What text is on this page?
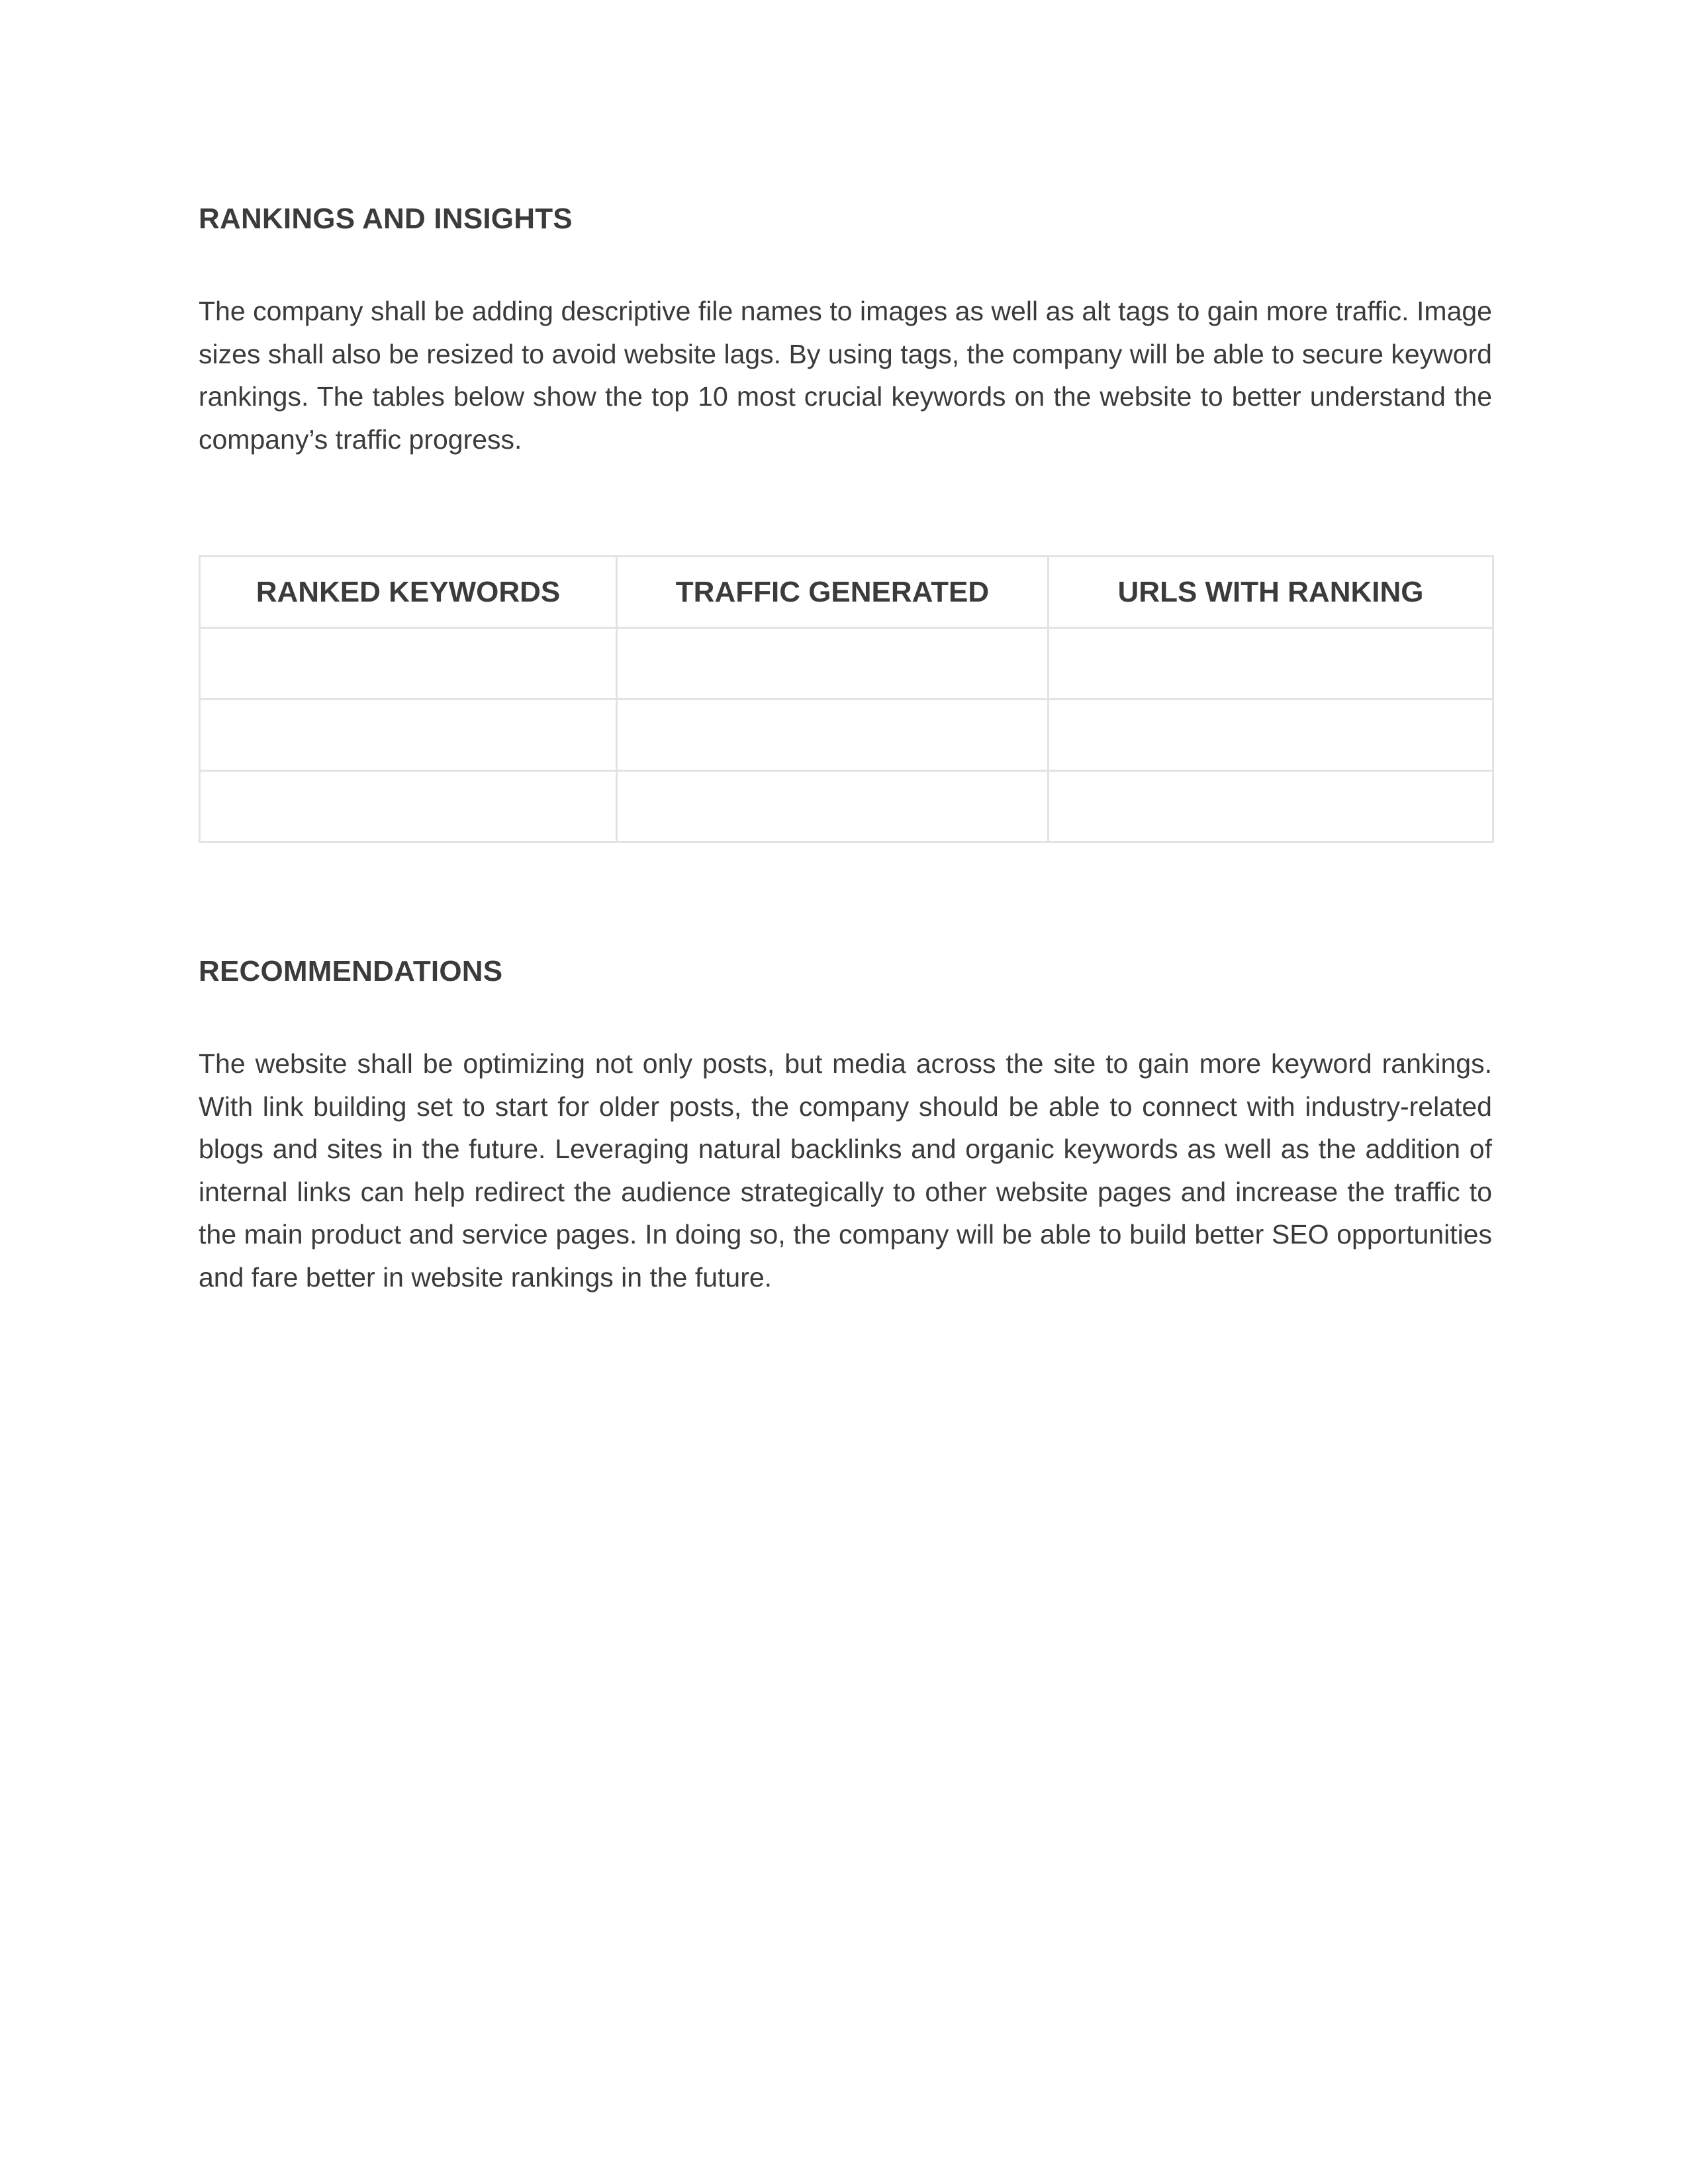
RANKINGS AND INSIGHTS

The company shall be adding descriptive file names to images as well as alt tags to gain more traffic. Image sizes shall also be resized to avoid website lags. By using tags, the company will be able to secure keyword rankings. The tables below show the top 10 most crucial keywords on the website to better understand the company’s traffic progress.

RANKED KEYWORDS	TRAFFIC GENERATED	URLS WITH RANKING

RECOMMENDATIONS

The website shall be optimizing not only posts, but media across the site to gain more keyword rankings. With link building set to start for older posts, the company should be able to connect with industry-related blogs and sites in the future. Leveraging natural backlinks and organic keywords as well as the addition of internal links can help redirect the audience strategically to other website pages and increase the traffic to the main product and service pages. In doing so, the company will be able to build better SEO opportunities and fare better in website rankings in the future.
